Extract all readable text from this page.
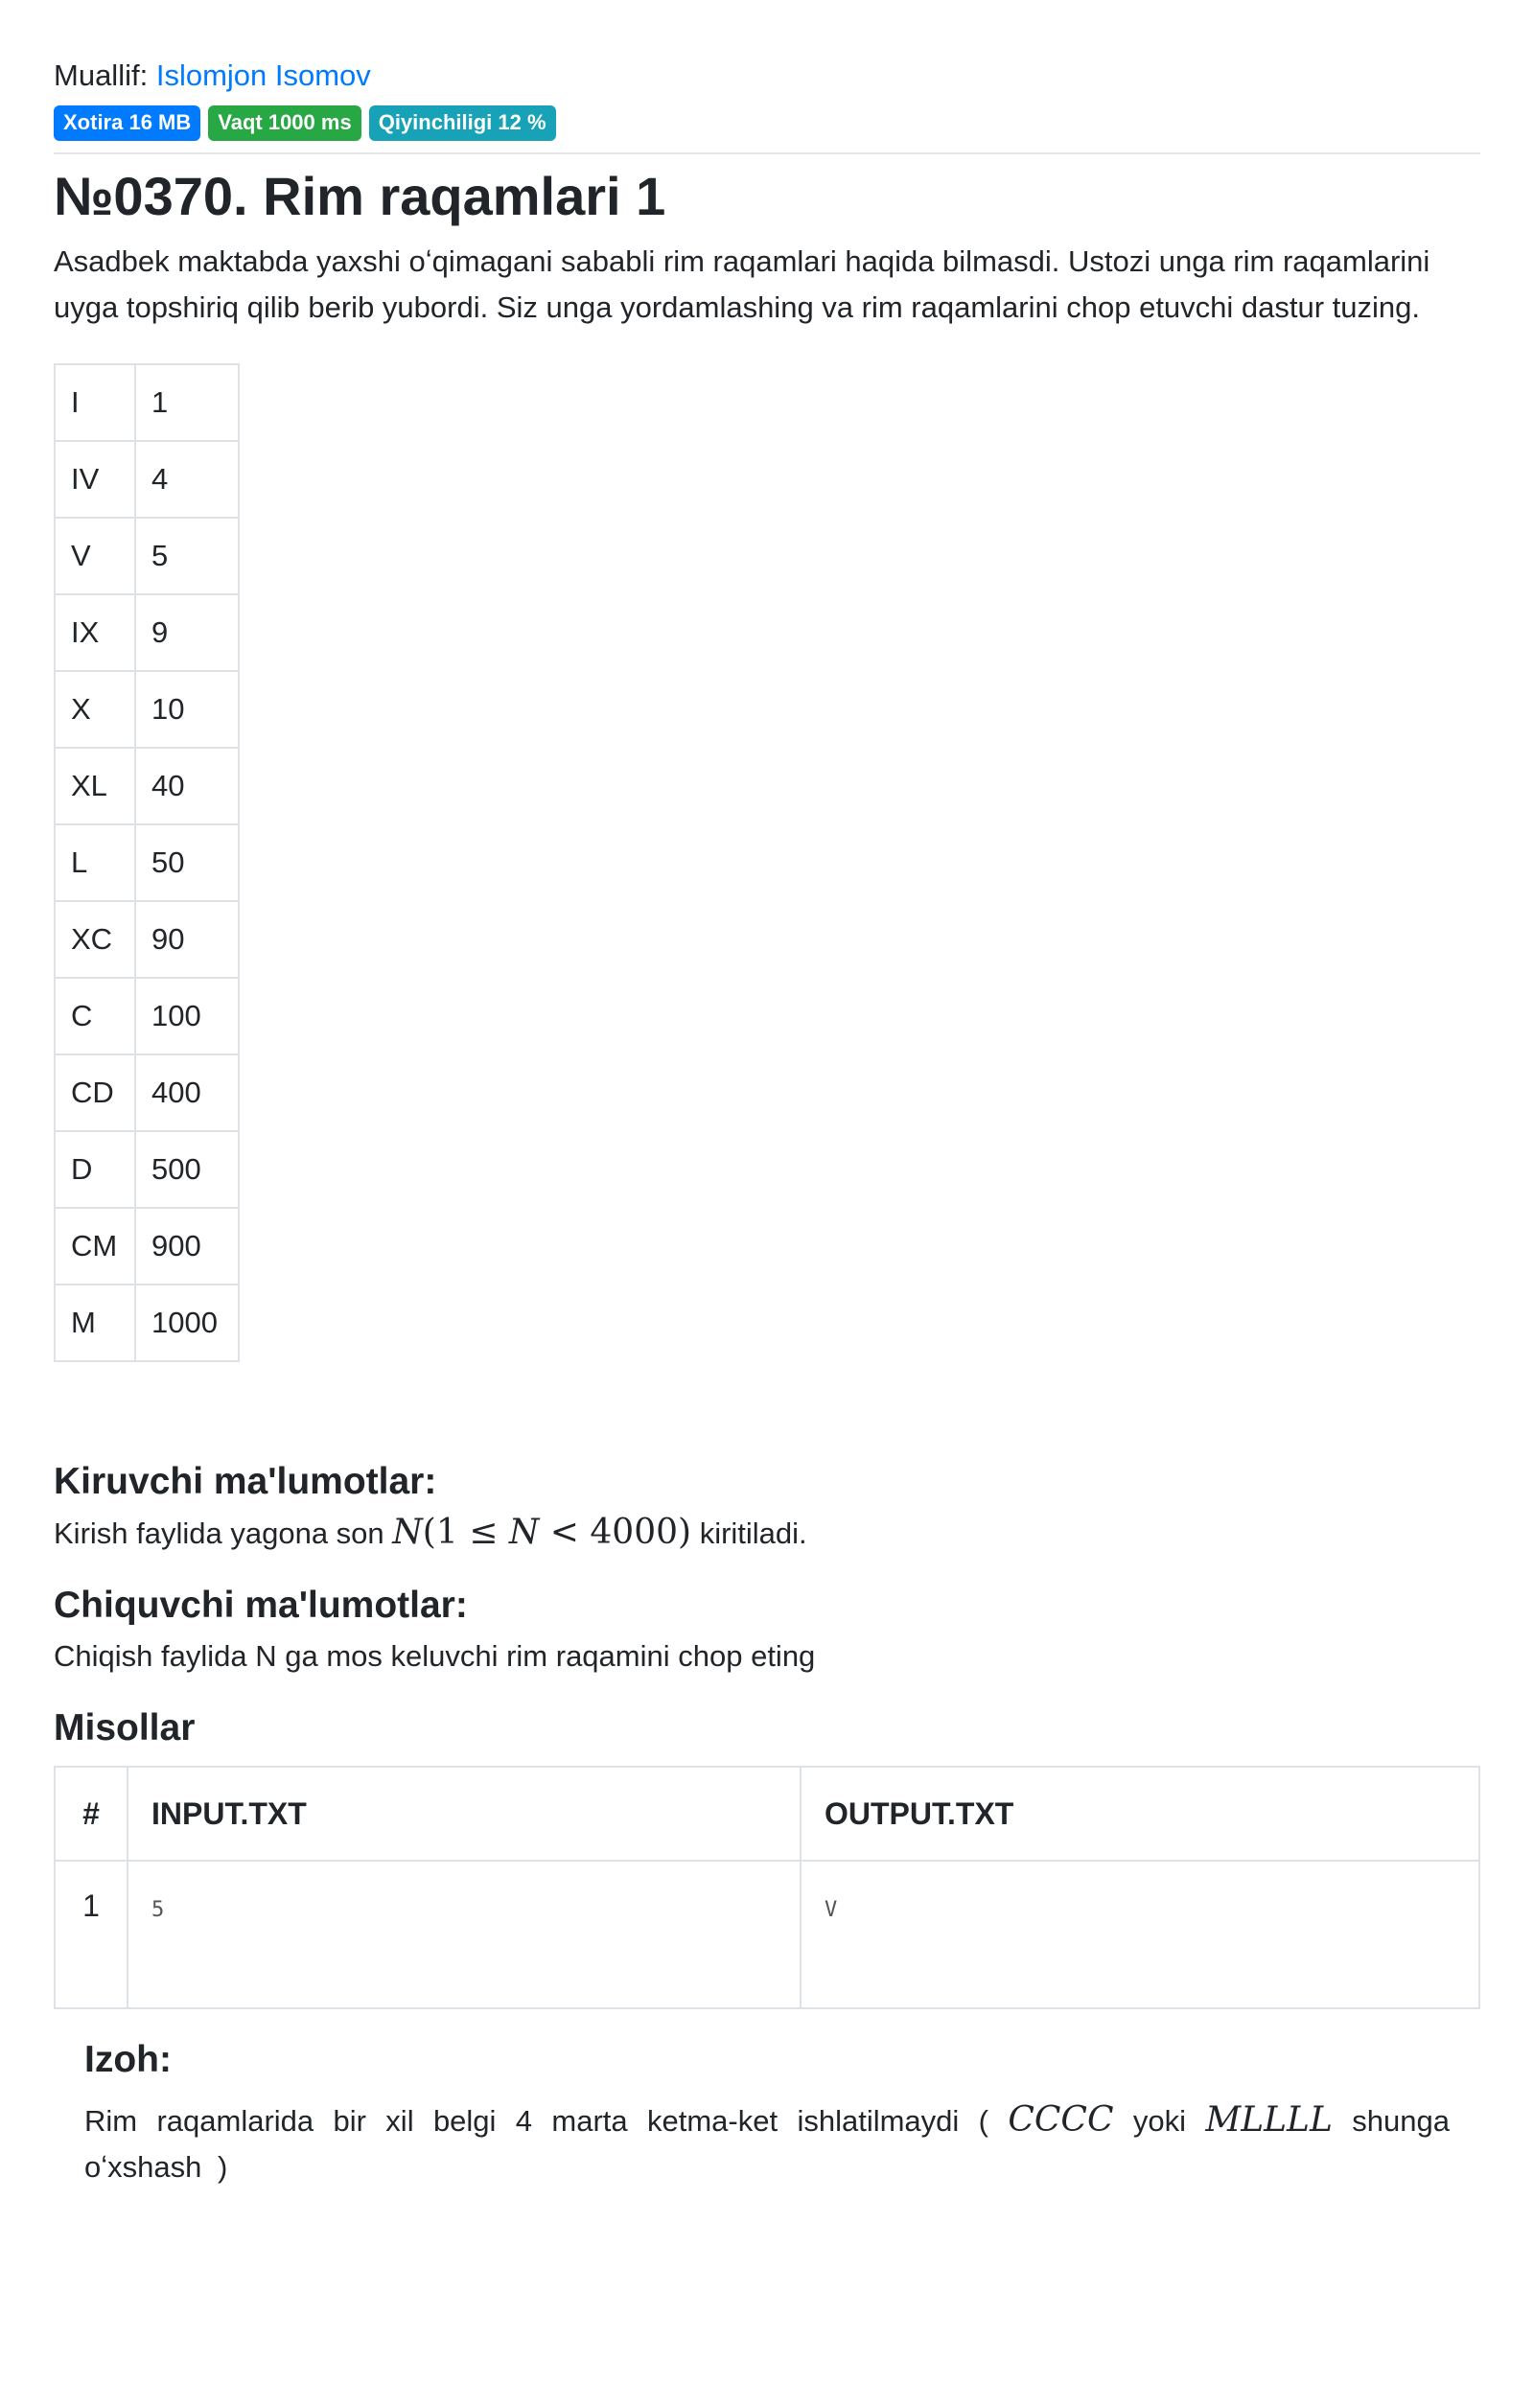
Muallif: Islomjon Isomov

Xotira 16 MB	Vaqt 1000 ms	Qiyinchiligi 12 %
№0370. Rim raqamlari 1

Asadbek maktabda yaxshi oʻqimagani sababli rim raqamlari haqida bilmasdi. Ustozi unga rim raqamlarini uyga topshiriq qilib berib yubordi. Siz unga yordamlashing va rim raqamlarini chop etuvchi dastur tuzing.

I	1
IV	4
V	5
IX	9
X	10
XL	40
L	50
XC	90
C	100
CD	400
D	500
CM	900
M	1000
Kiruvchi ma'lumotlar:

Kirish faylida yagona son N(1 ≤ N < 4000) kiritiladi.

Chiquvchi ma'lumotlar:

Chiqish faylida N ga mos keluvchi rim raqamini chop eting

Misollar
#	INPUT.TXT	OUTPUT.TXT
1	5	V
Izoh:

Rim raqamlarida bir xil belgi 4 marta ketma-ket ishlatilmaydi ( CCCC yoki MLLLL shunga oʻxshash )
